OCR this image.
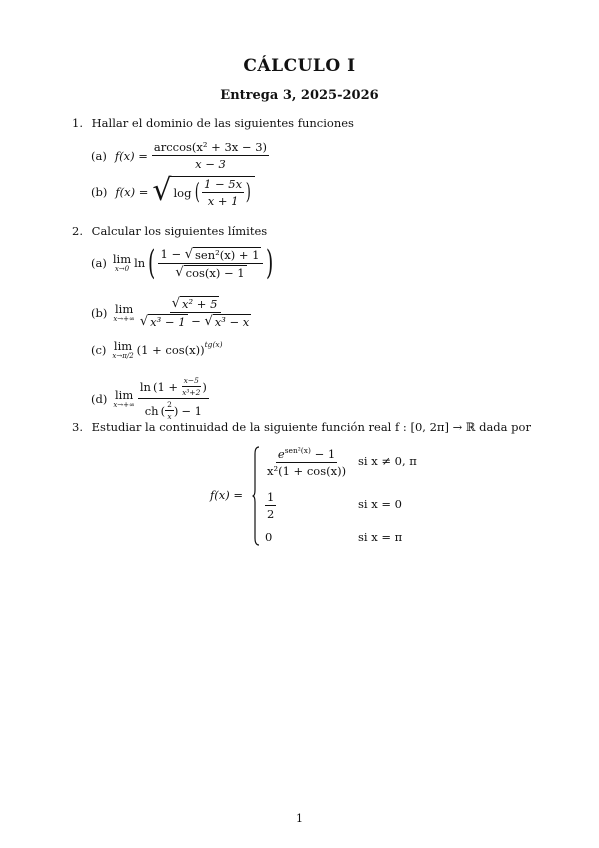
CÁLCULO I
Entrega 3, 2025-2026
1. Hallar el dominio de las siguientes funciones
(a) $f(x) = \frac{\text{arccos(x² + 3x − 3)}}{x - 3}$
(b) f(x) = √ log ( $\frac{1 - 5x}{x + 1}$ )
2. Calcular los siguientes límites
(a) lim
x→0 ln ( $\frac{\text{1 − √ sen²(x) + 1}}{√ \cos(x) - 1}$ )
(b) lim
$x\to+\infty \frac{\text{√ x² + 5}}{\text{√ x³ − 1 − √ x³ − x}}$
(c) lim
x→π/2 $(1 + \cos(x))^{tg(x)}$
(d) lim
x→+∞
ln ( $1 + \frac{x-5}{\text{x³+2}}$ )
ch ( $\frac{2}{x}$ ) − 1
3. Estudiar la continuidad de la siguiente función real f : [0, 2π] → ℝ dada por
f(x) =
$\frac{e^{sen^2(x)} - 1}{\text{x²(1 + cos(x))}}$ si x ≠ 0, π
$\frac{1}{2}$	si x = 0
0	si x = π
1
